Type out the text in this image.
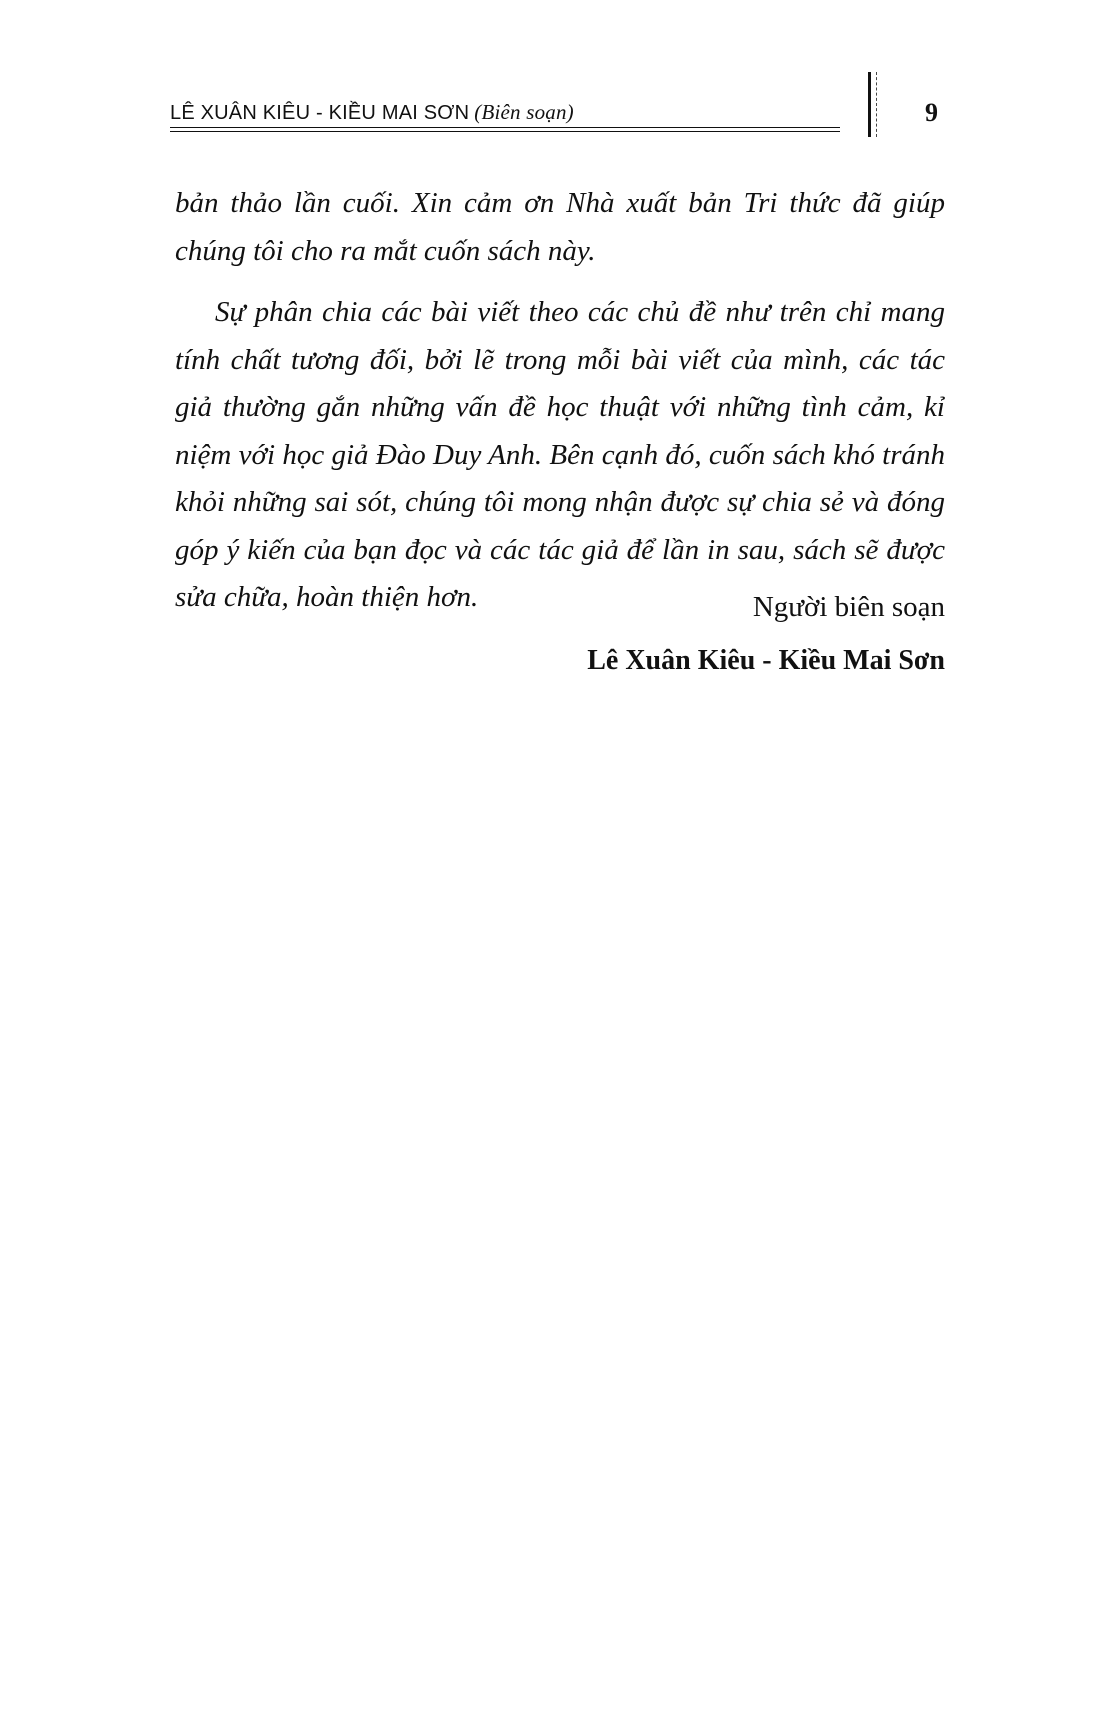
LÊ XUÂN KIÊU - KIỀU MAI SƠN (Biên soạn)	9

bản thảo lần cuối. Xin cảm ơn Nhà xuất bản Tri thức đã giúp chúng tôi cho ra mắt cuốn sách này.

Sự phân chia các bài viết theo các chủ đề như trên chỉ mang tính chất tương đối, bởi lẽ trong mỗi bài viết của mình, các tác giả thường gắn những vấn đề học thuật với những tình cảm, kỉ niệm với học giả Đào Duy Anh. Bên cạnh đó, cuốn sách khó tránh khỏi những sai sót, chúng tôi mong nhận được sự chia sẻ và đóng góp ý kiến của bạn đọc và các tác giả để lần in sau, sách sẽ được sửa chữa, hoàn thiện hơn.	Người biên soạn
Lê Xuân Kiêu - Kiều Mai Sơn
